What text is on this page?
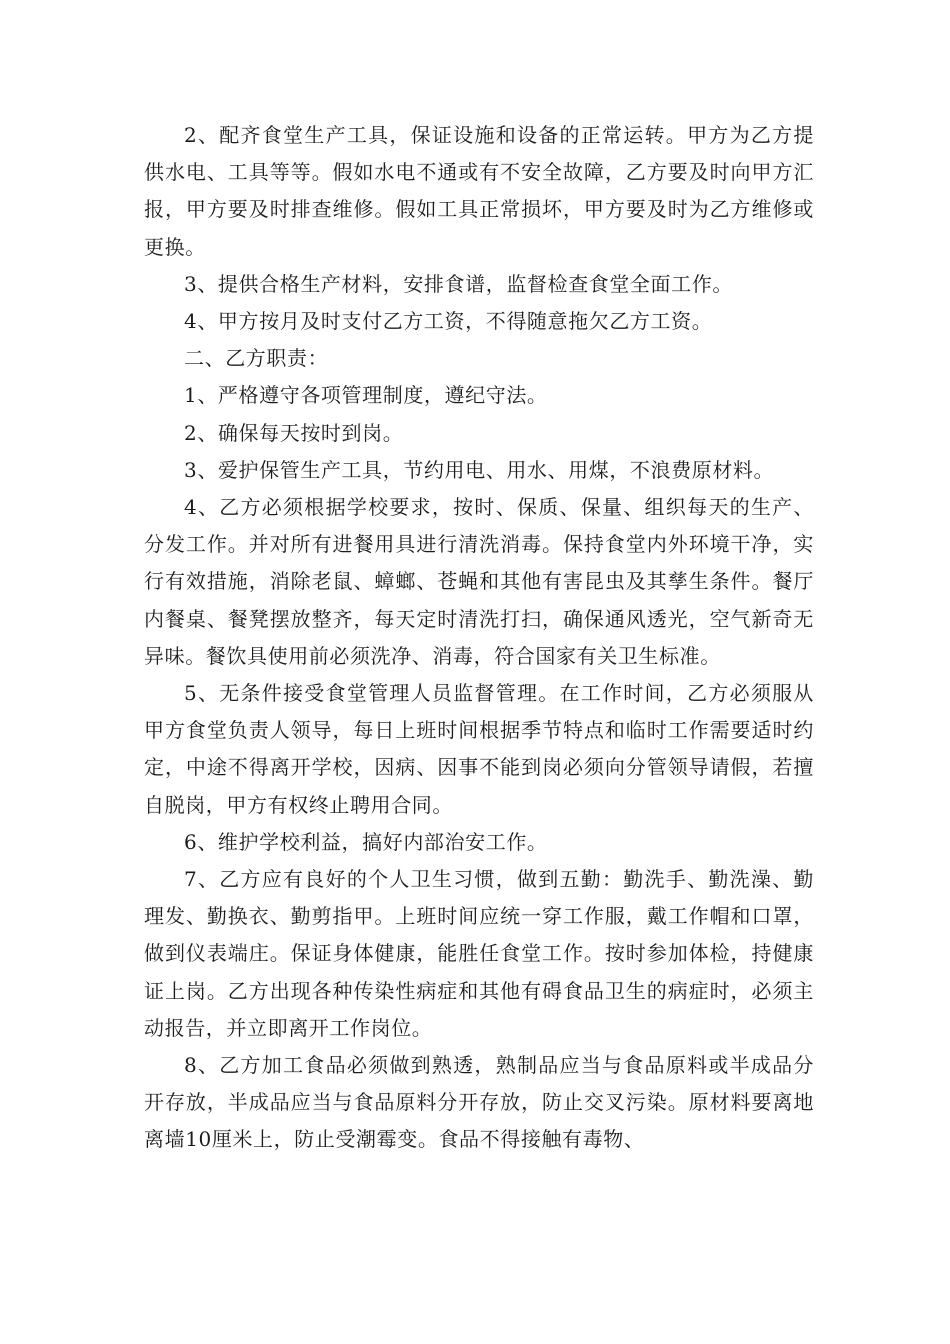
2、配齐食堂生产工具，保证设施和设备的正常运转。甲方为乙方提供水电、工具等等。假如水电不通或有不安全故障，乙方要及时向甲方汇报，甲方要及时排查维修。假如工具正常损坏，甲方要及时为乙方维修或更换。

3、提供合格生产材料，安排食谱，监督检查食堂全面工作。

4、甲方按月及时支付乙方工资，不得随意拖欠乙方工资。

二、乙方职责：

1、严格遵守各项管理制度，遵纪守法。

2、确保每天按时到岗。

3、爱护保管生产工具，节约用电、用水、用煤，不浪费原材料。

4、乙方必须根据学校要求，按时、保质、保量、组织每天的生产、分发工作。并对所有进餐用具进行清洗消毒。保持食堂内外环境干净，实行有效措施，消除老鼠、蟑螂、苍蝇和其他有害昆虫及其孳生条件。餐厅内餐桌、餐凳摆放整齐，每天定时清洗打扫，确保通风透光，空气新奇无异味。餐饮具使用前必须洗净、消毒，符合国家有关卫生标准。

5、无条件接受食堂管理人员监督管理。在工作时间，乙方必须服从甲方食堂负责人领导，每日上班时间根据季节特点和临时工作需要适时约定，中途不得离开学校，因病、因事不能到岗必须向分管领导请假，若擅自脱岗，甲方有权终止聘用合同。

6、维护学校利益，搞好内部治安工作。

7、乙方应有良好的个人卫生习惯，做到五勤：勤洗手、勤洗澡、勤理发、勤换衣、勤剪指甲。上班时间应统一穿工作服，戴工作帽和口罩，做到仪表端庄。保证身体健康，能胜任食堂工作。按时参加体检，持健康证上岗。乙方出现各种传染性病症和其他有碍食品卫生的病症时，必须主动报告，并立即离开工作岗位。

8、乙方加工食品必须做到熟透，熟制品应当与食品原料或半成品分开存放，半成品应当与食品原料分开存放，防止交叉污染。原材料要离地离墙10厘米上，防止受潮霉变。食品不得接触有毒物、
